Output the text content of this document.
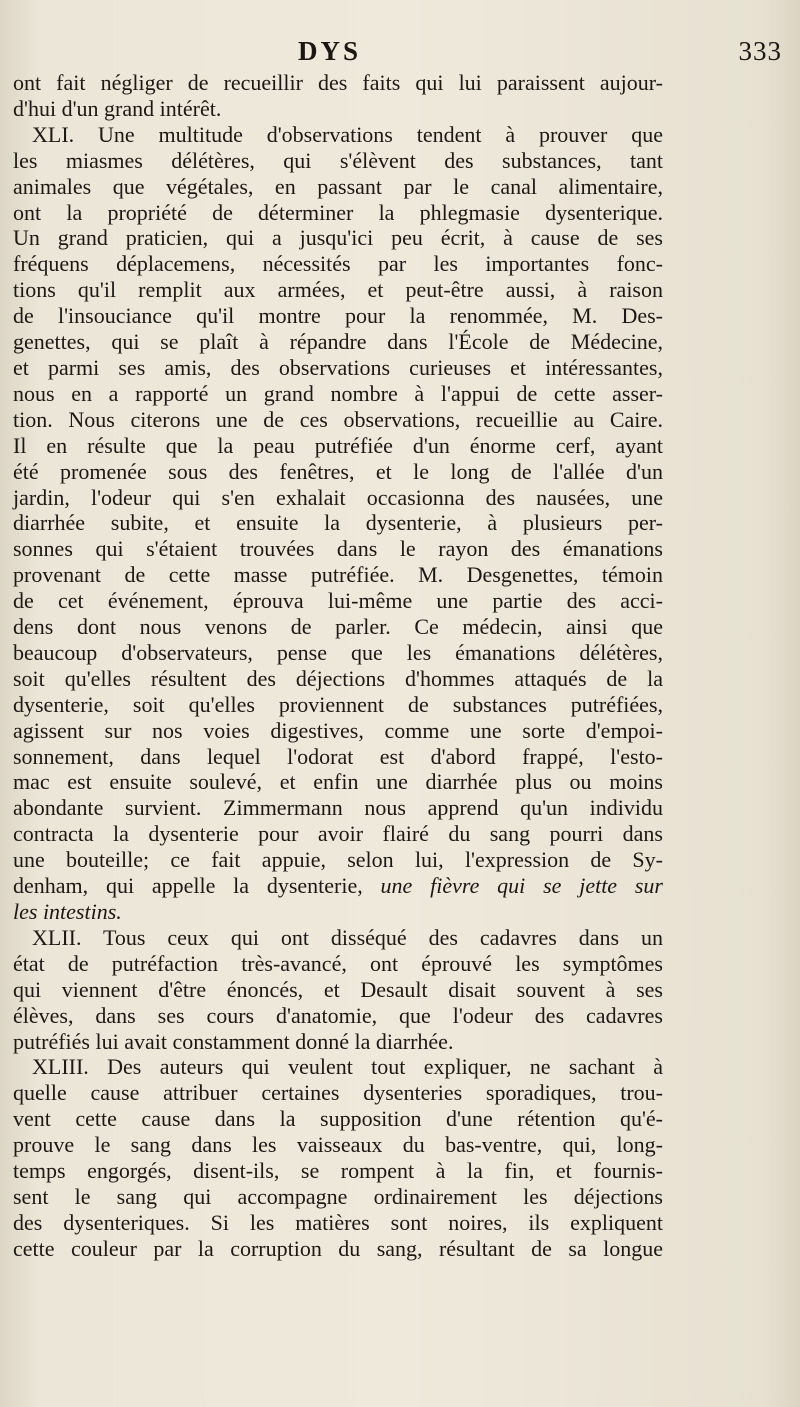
DYS	333
ont fait négliger de recueillir des faits qui lui paraissent aujour-
d'hui d'un grand intérêt.
XLI. Une multitude d'observations tendent à prouver que
les miasmes délétères, qui s'élèvent des substances, tant
animales que végétales, en passant par le canal alimentaire,
ont la propriété de déterminer la phlegmasie dysenterique.
Un grand praticien, qui a jusqu'ici peu écrit, à cause de ses
fréquens déplacemens, nécessités par les importantes fonc-
tions qu'il remplit aux armées, et peut-être aussi, à raison
de l'insouciance qu'il montre pour la renommée, M. Des-
genettes, qui se plaît à répandre dans l'École de Médecine,
et parmi ses amis, des observations curieuses et intéressantes,
nous en a rapporté un grand nombre à l'appui de cette asser-
tion. Nous citerons une de ces observations, recueillie au Caire.
Il en résulte que la peau putréfiée d'un énorme cerf, ayant
été promenée sous des fenêtres, et le long de l'allée d'un
jardin, l'odeur qui s'en exhalait occasionna des nausées, une
diarrhée subite, et ensuite la dysenterie, à plusieurs per-
sonnes qui s'étaient trouvées dans le rayon des émanations
provenant de cette masse putréfiée. M. Desgenettes, témoin
de cet événement, éprouva lui-même une partie des acci-
dens dont nous venons de parler. Ce médecin, ainsi que
beaucoup d'observateurs, pense que les émanations délétères,
soit qu'elles résultent des déjections d'hommes attaqués de la
dysenterie, soit qu'elles proviennent de substances putréfiées,
agissent sur nos voies digestives, comme une sorte d'empoi-
sonnement, dans lequel l'odorat est d'abord frappé, l'esto-
mac est ensuite soulevé, et enfin une diarrhée plus ou moins
abondante survient. Zimmermann nous apprend qu'un individu
contracta la dysenterie pour avoir flairé du sang pourri dans
une bouteille; ce fait appuie, selon lui, l'expression de Sy-
denham, qui appelle la dysenterie, une fièvre qui se jette sur
les intestins.
XLII. Tous ceux qui ont disséqué des cadavres dans un
état de putréfaction très-avancé, ont éprouvé les symptômes
qui viennent d'être énoncés, et Desault disait souvent à ses
élèves, dans ses cours d'anatomie, que l'odeur des cadavres
putréfiés lui avait constamment donné la diarrhée.
XLIII. Des auteurs qui veulent tout expliquer, ne sachant à
quelle cause attribuer certaines dysenteries sporadiques, trou-
vent cette cause dans la supposition d'une rétention qu'é-
prouve le sang dans les vaisseaux du bas-ventre, qui, long-
temps engorgés, disent-ils, se rompent à la fin, et fournis-
sent le sang qui accompagne ordinairement les déjections
des dysenteriques. Si les matières sont noires, ils expliquent
cette couleur par la corruption du sang, résultant de sa longue
